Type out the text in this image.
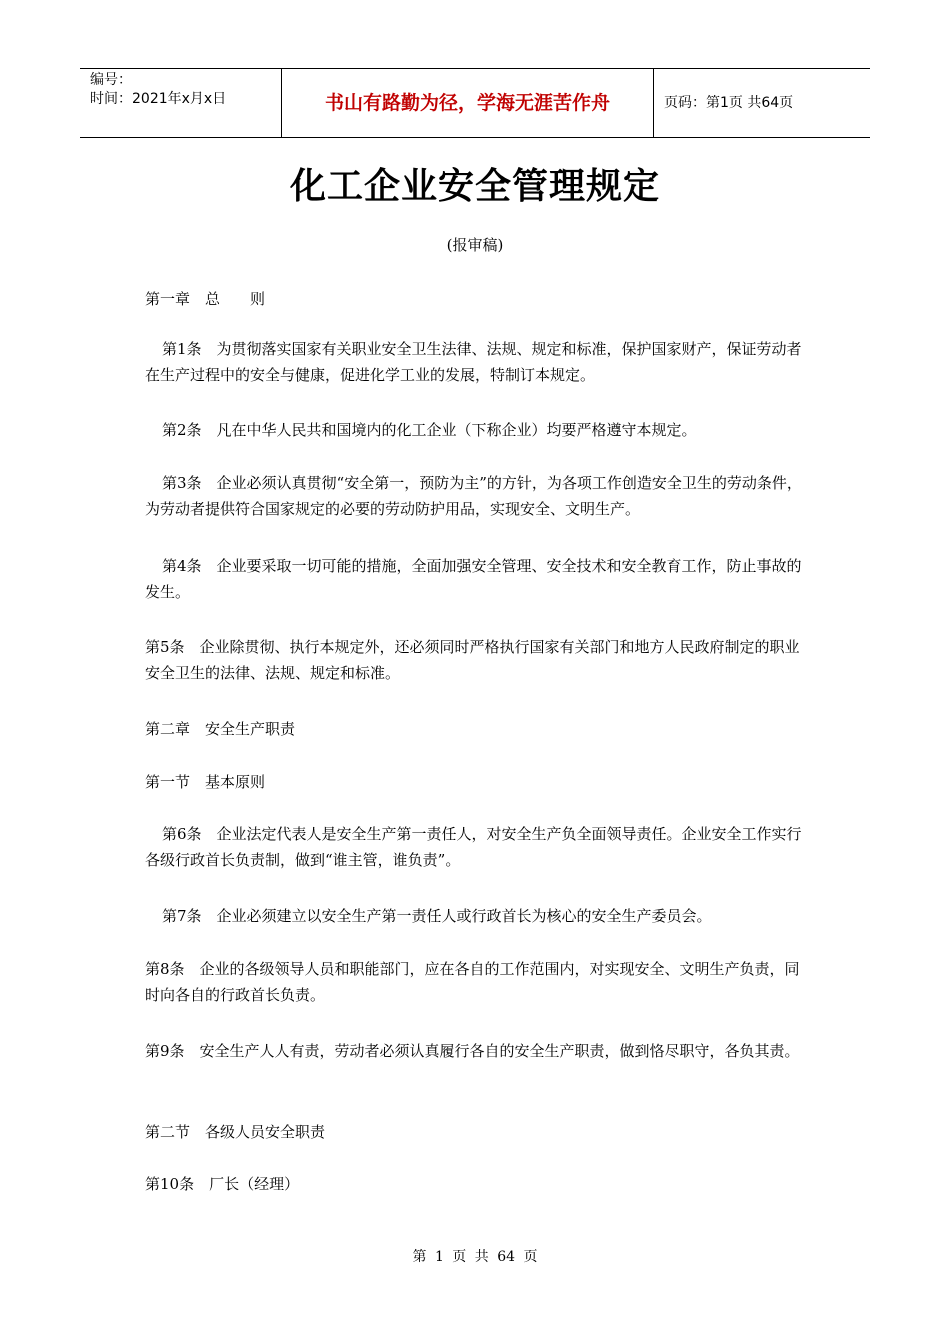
编号：
时间：2021年x月x日	书山有路勤为径，学海无涯苦作舟	页码：第1页 共64页
化工企业安全管理规定
(报审稿)

第一章　总　　则

第1条　为贯彻落实国家有关职业安全卫生法律、法规、规定和标准，保护国家财产，保证劳动者在生产过程中的安全与健康，促进化学工业的发展，特制订本规定。

第2条　凡在中华人民共和国境内的化工企业（下称企业）均要严格遵守本规定。

第3条　企业必须认真贯彻“安全第一，预防为主”的方针，为各项工作创造安全卫生的劳动条件，为劳动者提供符合国家规定的必要的劳动防护用品，实现安全、文明生产。

第4条　企业要采取一切可能的措施，全面加强安全管理、安全技术和安全教育工作，防止事故的发生。

第5条　企业除贯彻、执行本规定外，还必须同时严格执行国家有关部门和地方人民政府制定的职业安全卫生的法律、法规、规定和标准。

第二章　安全生产职责

第一节　基本原则

第6条　企业法定代表人是安全生产第一责任人，对安全生产负全面领导责任。企业安全工作实行各级行政首长负责制，做到“谁主管，谁负责”。

第7条　企业必须建立以安全生产第一责任人或行政首长为核心的安全生产委员会。

第8条　企业的各级领导人员和职能部门，应在各自的工作范围内，对实现安全、文明生产负责，同时向各自的行政首长负责。

第9条　安全生产人人有责，劳动者必须认真履行各自的安全生产职责，做到恪尽职守，各负其责。

第二节　各级人员安全职责

第10条　厂长（经理）

第 1 页 共 64 页
